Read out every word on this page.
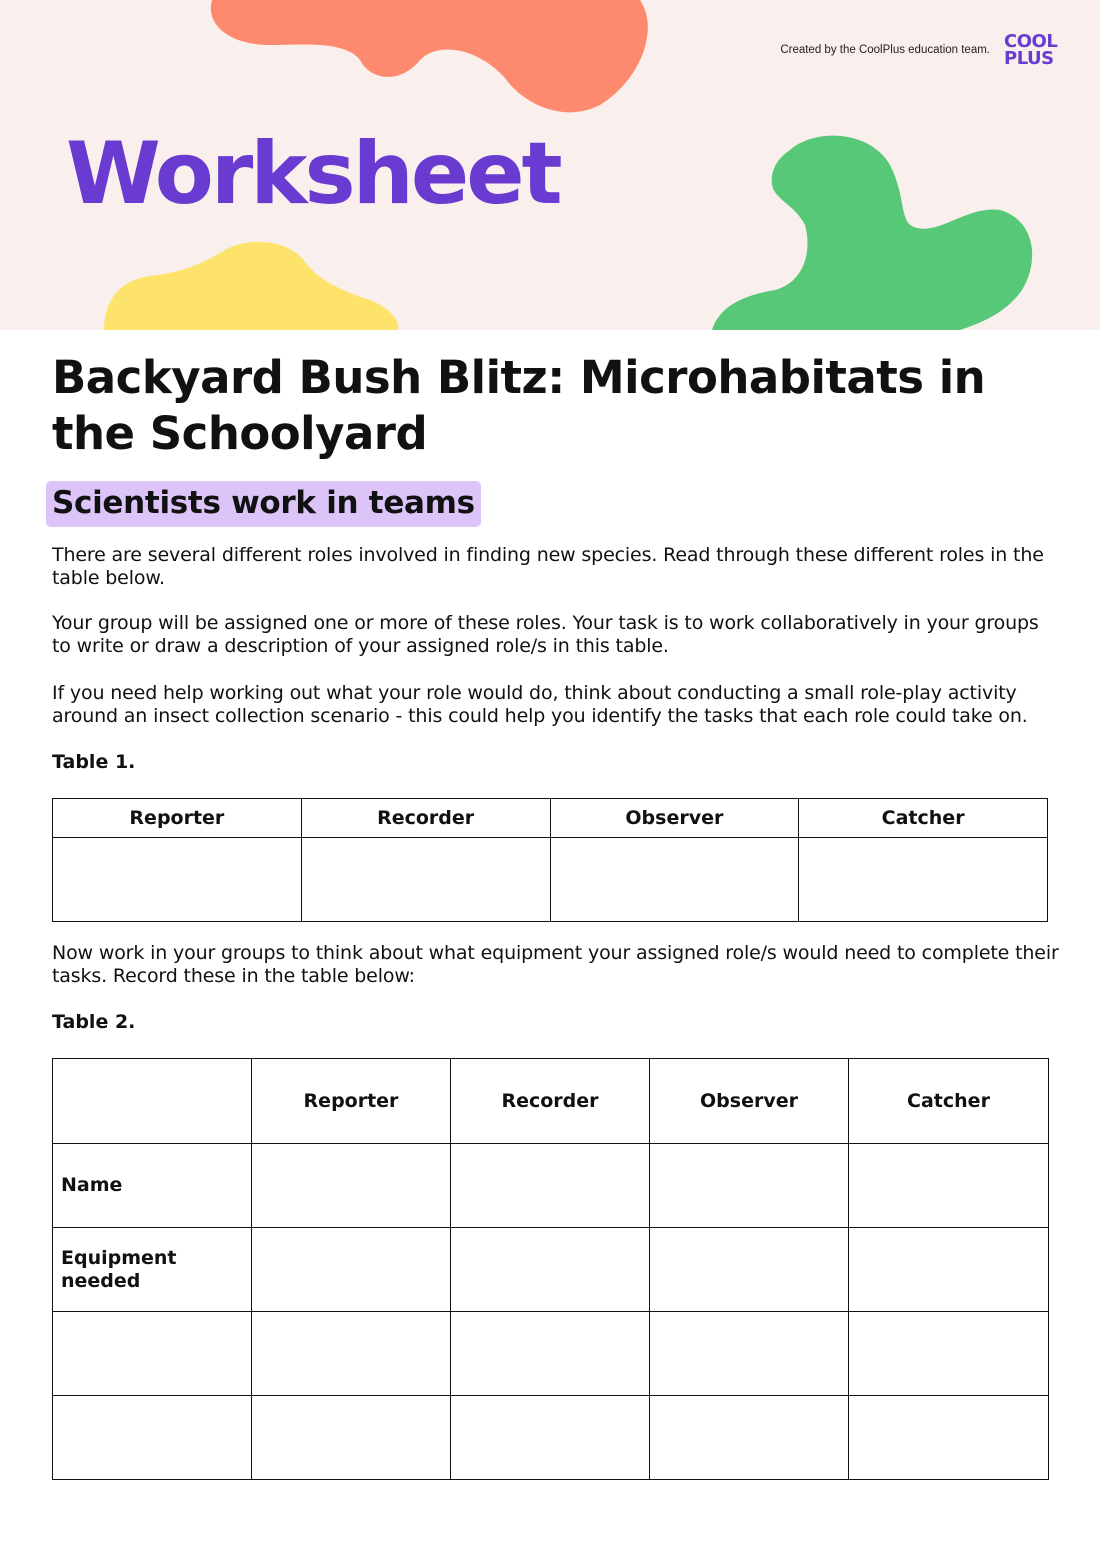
Created by the CoolPlus education team. COOL
PLUS
Worksheet
Backyard Bush Blitz: Microhabitats in the Schoolyard
Scientists work in teams

There are several different roles involved in finding new species. Read through these different roles in the table below.

Your group will be assigned one or more of these roles. Your task is to work collaboratively in your groups to write or draw a description of your assigned role/s in this table.

If you need help working out what your role would do, think about conducting a small role-play activity around an insect collection scenario - this could help you identify the tasks that each role could take on.

Table 1.

Reporter	Recorder	Observer	Catcher

Now work in your groups to think about what equipment your assigned role/s would need to complete their tasks. Record these in the table below:

Table 2.

	Reporter	Recorder	Observer	Catcher
Name				
Equipment needed				
